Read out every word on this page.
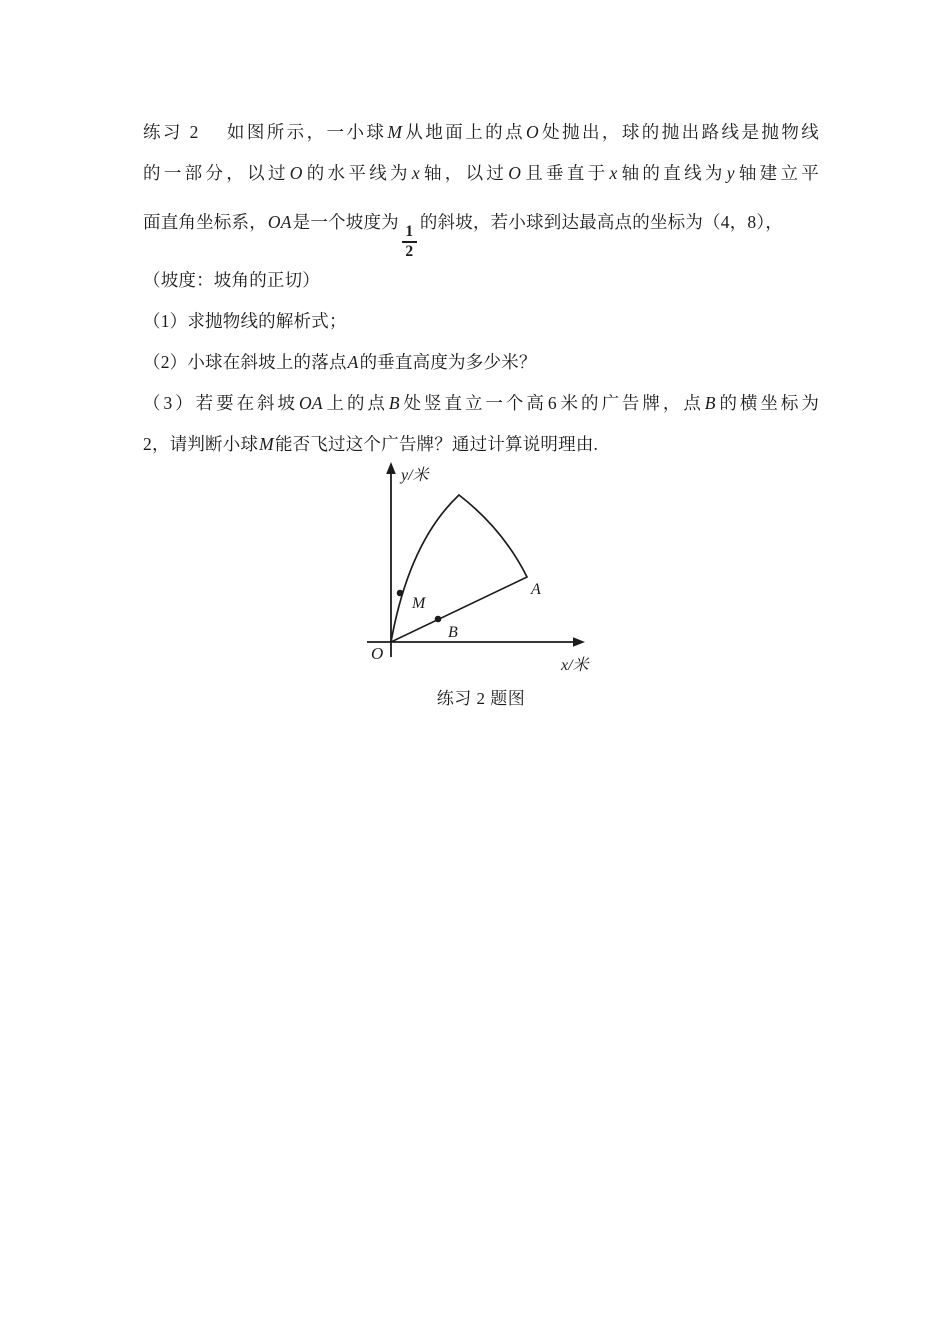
练习 2 如图所示，一小球M从地面上的点O处抛出，球的抛出路线是抛物线
的一部分，以过O的水平线为x轴，以过O且垂直于x轴的直线为y轴建立平
面直角坐标系，OA是一个坡度为
$\frac{1}{2}$
的斜坡，若小球到达最高点的坐标为（4，8），
（坡度：坡角的正切）
（1）求抛物线的解析式；
（2）小球在斜坡上的落点A的垂直高度为多少米？
（3）若要在斜坡OA上的点B处竖直立一个高6米的广告牌，点B的横坐标为
2，请判断小球M能否飞过这个广告牌？通过计算说明理由.
M
B
A
O
y/米
x/米
练习 2 题图
